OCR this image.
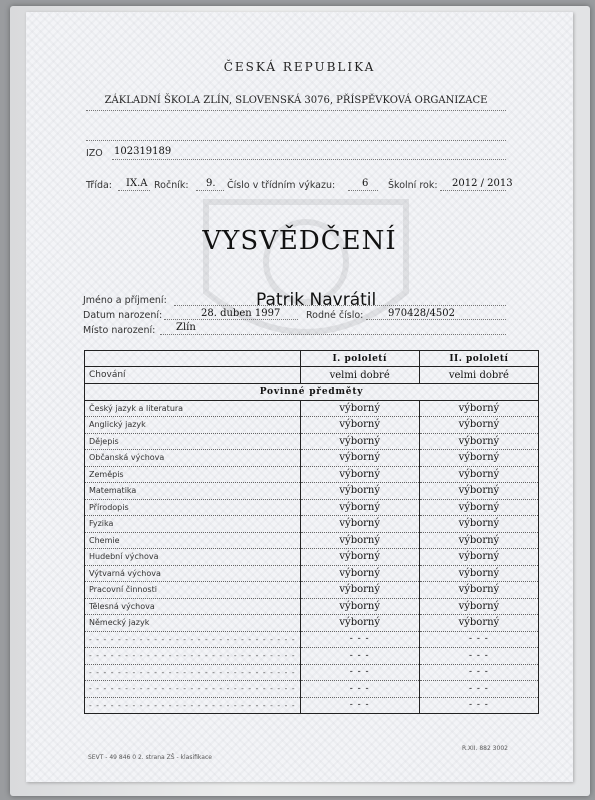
ČESKÁ REPUBLIKA
ZÁKLADNÍ ŠKOLA ZLÍN, SLOVENSKÁ 3076, PŘÍSPĚVKOVÁ ORGANIZACE
IZO 102319189
Třída: IX.A Ročník: 9. Číslo v třídním výkazu:	6 Školní rok: 2012 / 2013
VYSVĚDČENÍ
Jméno a příjmení:	Patrik Navrátil
Datum narození:	28. duben 1997	Rodné číslo: 970428/4502
Místo narození: Zlín
	I. pololetí	II. pololetí
Chování	velmi dobré	velmi dobré
Povinné předměty		
Český jazyk a literatura	výborný	výborný
Anglický jazyk	výborný	výborný
Dějepis	výborný	výborný
Občanská výchova	výborný	výborný
Zeměpis	výborný	výborný
Matematika	výborný	výborný
Přírodopis	výborný	výborný
Fyzika	výborný	výborný
Chemie	výborný	výborný
Hudební výchova	výborný	výborný
Výtvarná výchova	výborný	výborný
Pracovní činnosti	výborný	výborný
Tělesná výchova	výborný	výborný
Německý jazyk	výborný	výborný
- - - - - - - - - - - - - - - - - - - - - - - - - - - - -	- - -	- - -
- - - - - - - - - - - - - - - - - - - - - - - - - - - - -	- - -	- - -
- - - - - - - - - - - - - - - - - - - - - - - - - - - - -	- - -	- - -
- - - - - - - - - - - - - - - - - - - - - - - - - - - - -	- - -	- - -
- - - - - - - - - - - - - - - - - - - - - - - - - - - - -	- - -	- - -
SEVT - 49 846 0 2. strana ZŠ - klasifikace
R.XII. 882 3002
